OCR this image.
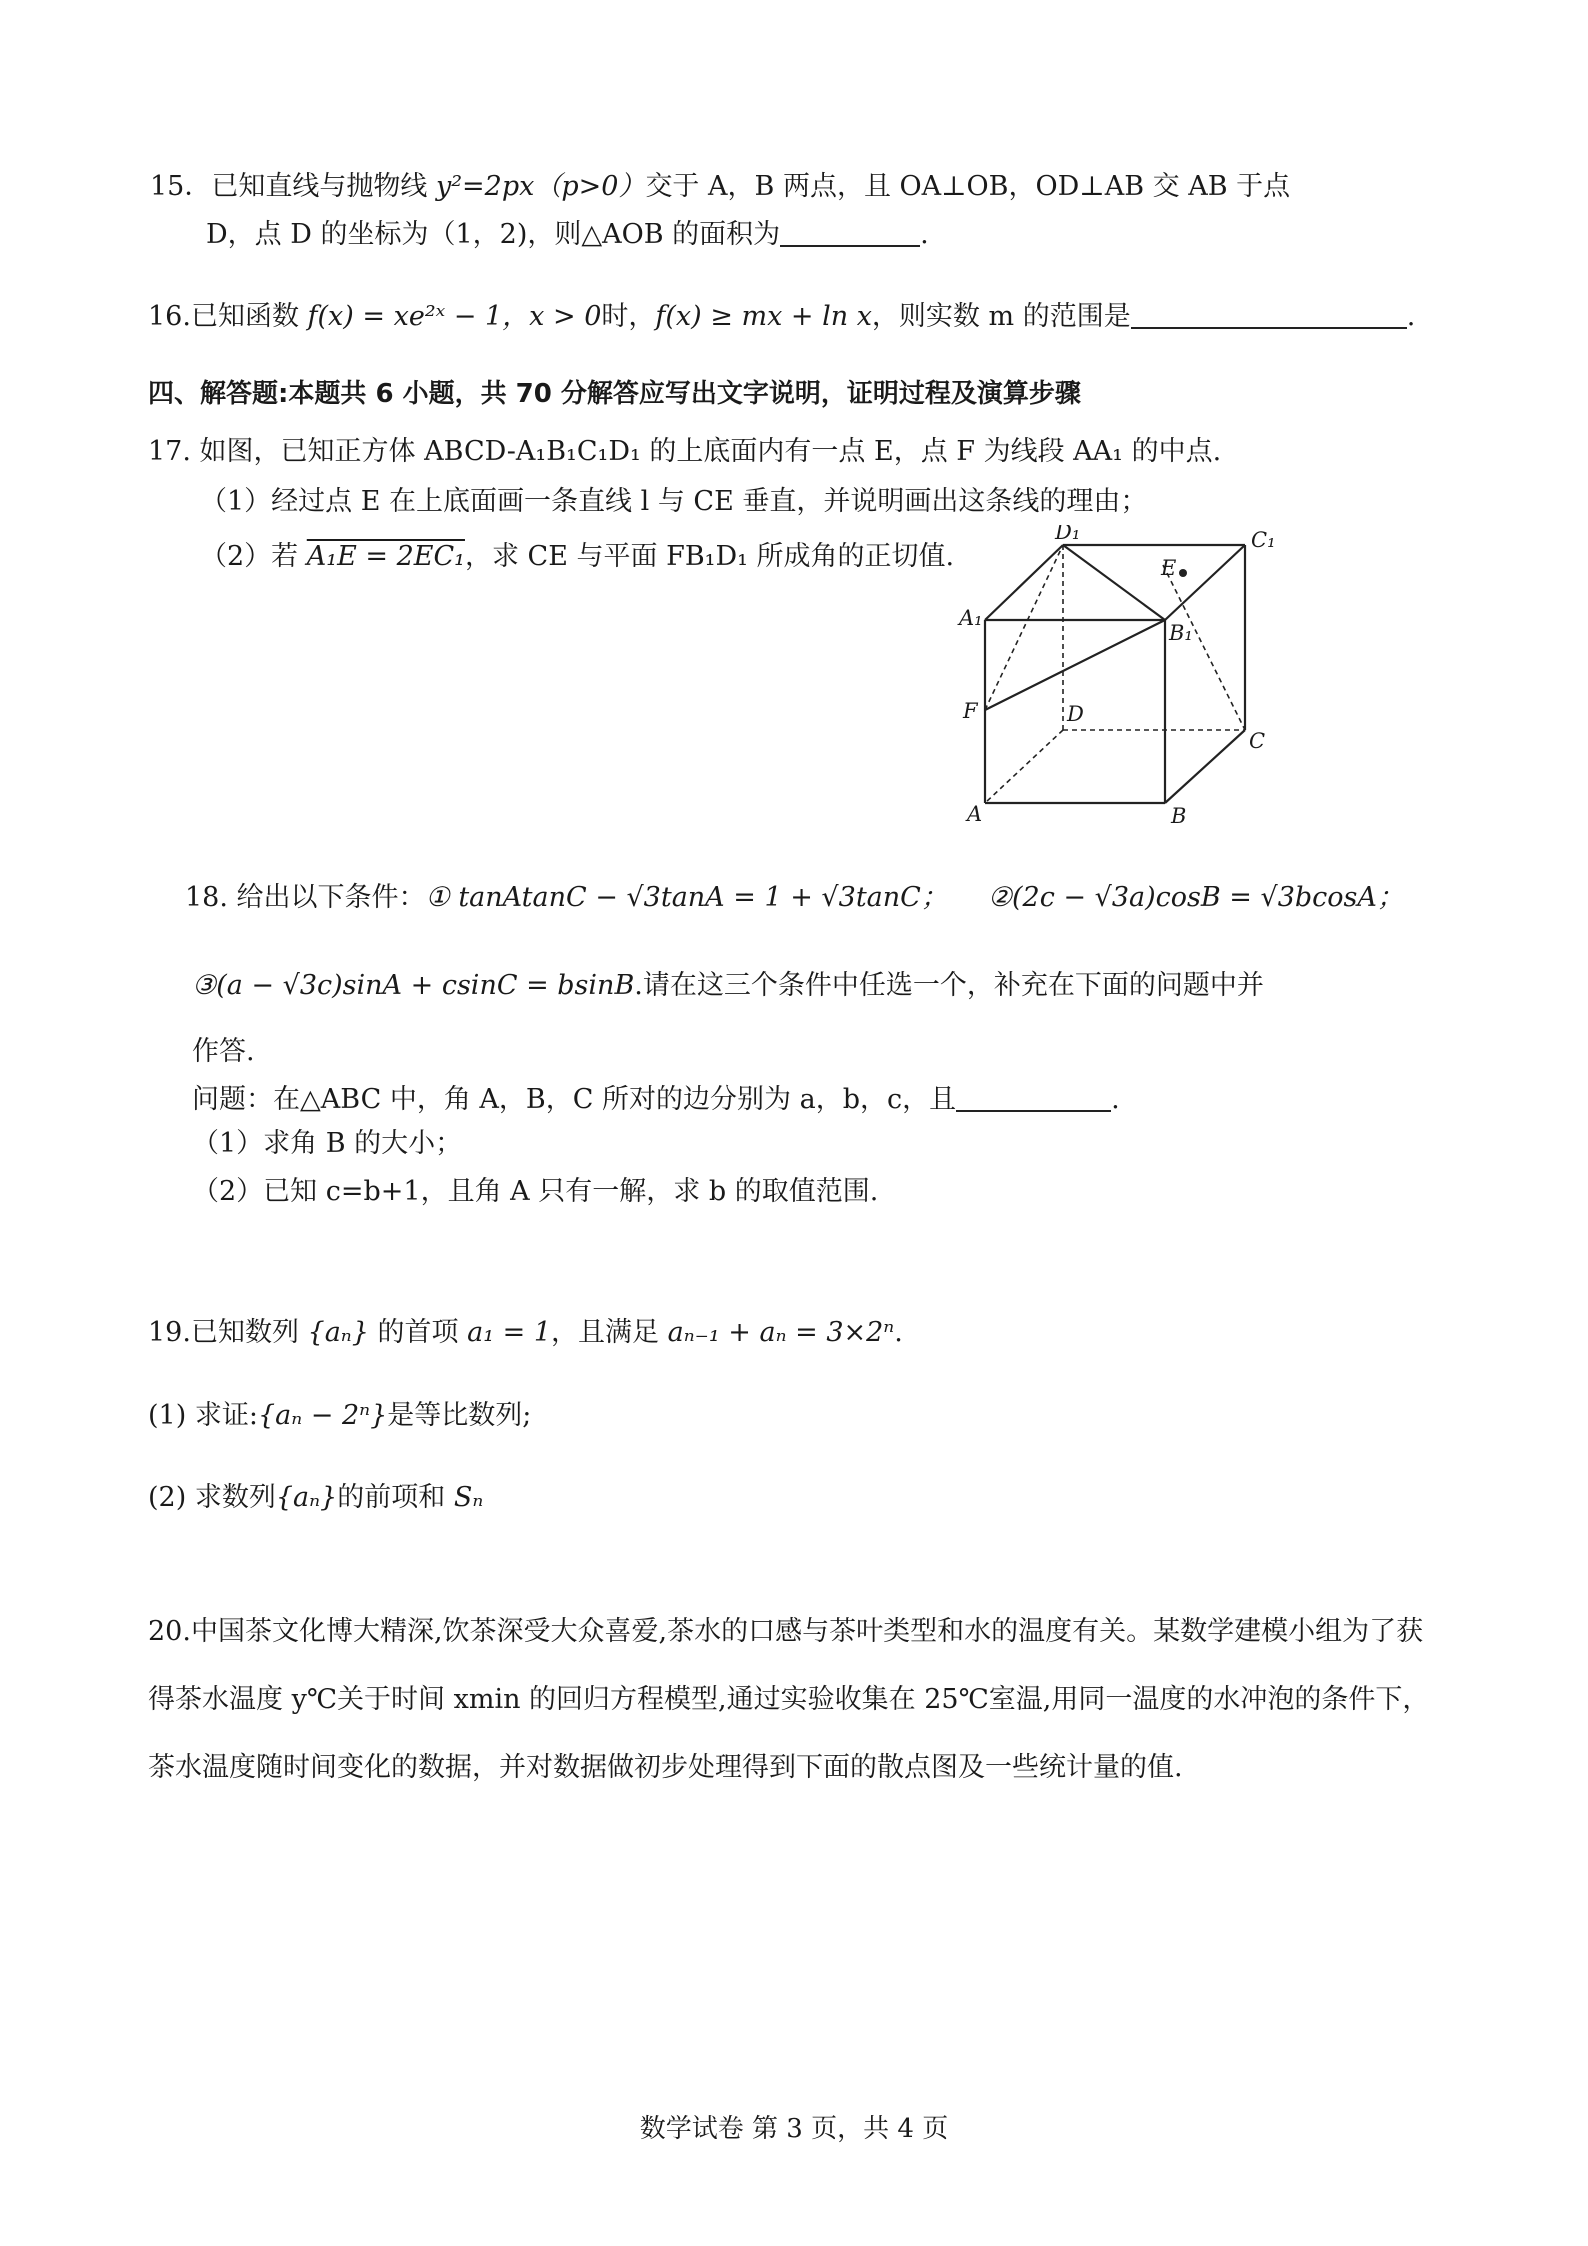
15．已知直线与抛物线 y²=2px（p>0）交于 A，B 两点，且 OA⊥OB，OD⊥AB 交 AB 于点
D，点 D 的坐标为（1，2)，则△AOB 的面积为	.
16.已知函数 f(x) = xe²ˣ − 1，x > 0时，f(x) ≥ mx + ln x，则实数 m 的范围是	.
四、解答题:本题共 6 小题，共 70 分解答应写出文字说明，证明过程及演算步骤
17. 如图，已知正方体 ABCD-A₁B₁C₁D₁ 的上底面内有一点 E，点 F 为线段 AA₁ 的中点.
（1）经过点 E 在上底面画一条直线 l 与 CE 垂直，并说明画出这条线的理由；
（2）若 A₁E = 2EC₁，求 CE 与平面 FB₁D₁ 所成角的正切值.
D₁	C₁
E
A₁
B₁
F	D
C
A	B
18. 给出以下条件：① tanAtanC − √3tanA = 1 + √3tanC； ②(2c − √3a)cosB = √3bcosA；
③(a − √3c)sinA + csinC = bsinB.请在这三个条件中任选一个，补充在下面的问题中并
作答.
问题：在△ABC 中，角 A，B，C 所对的边分别为 a，b，c，且	.
（1）求角 B 的大小；
（2）已知 c=b+1，且角 A 只有一解，求 b 的取值范围.
19.已知数列 {aₙ} 的首项 a₁ = 1，且满足 aₙ₋₁ + aₙ = 3×2ⁿ.
(1) 求证:{aₙ − 2ⁿ}是等比数列;
(2) 求数列{aₙ}的前项和 Sₙ
20.中国茶文化博大精深,饮茶深受大众喜爱,茶水的口感与茶叶类型和水的温度有关。某数学建模小组为了获
得茶水温度 y℃关于时间 xmin 的回归方程模型,通过实验收集在 25℃室温,用同一温度的水冲泡的条件下，
茶水温度随时间变化的数据，并对数据做初步处理得到下面的散点图及一些统计量的值.
数学试卷 第 3 页，共 4 页
